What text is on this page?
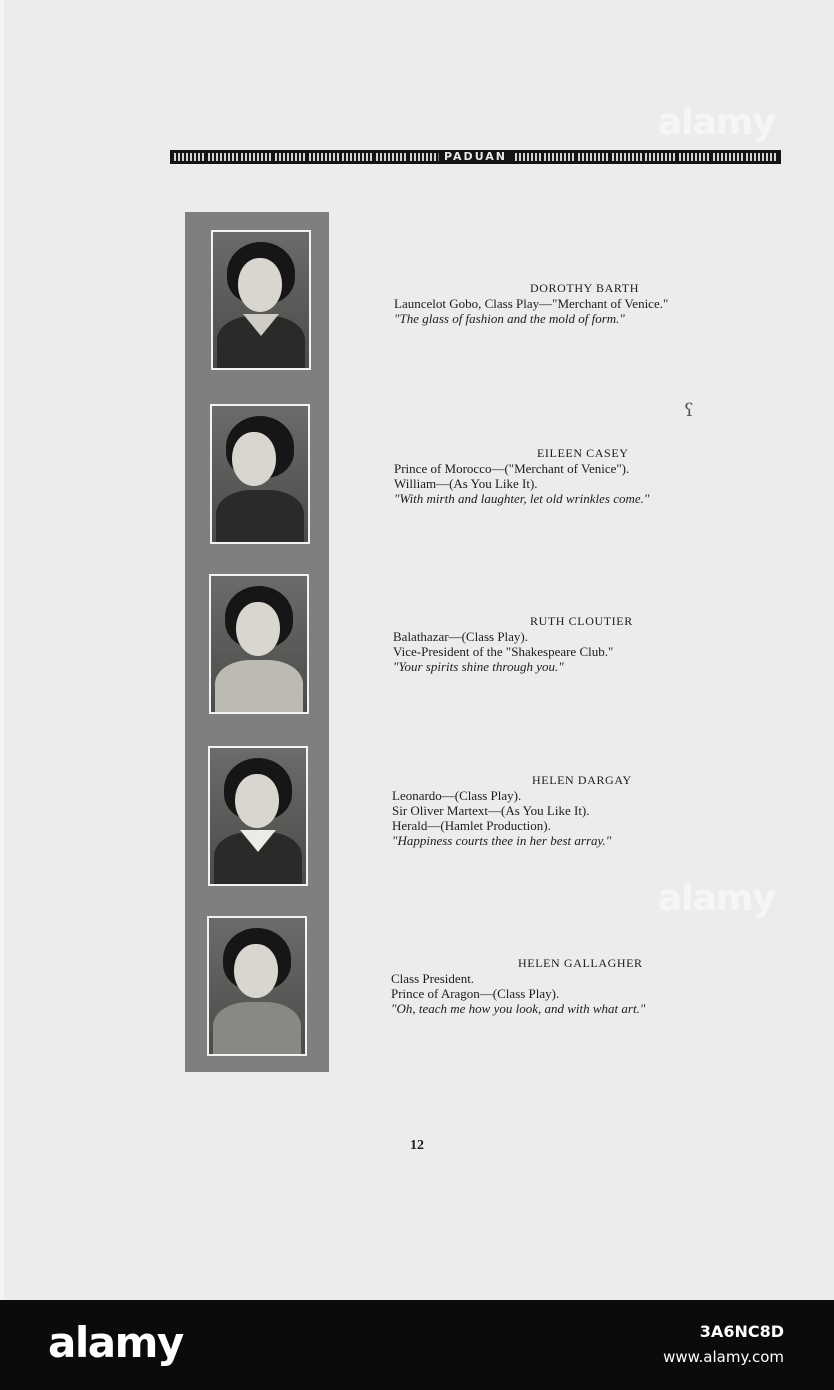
PADUAN
DOROTHY BARTH
Launcelot Gobo, Class Play—"Merchant of Venice."
"The glass of fashion and the mold of form."
EILEEN CASEY
Prince of Morocco—("Merchant of Venice").
William—(As You Like It).
"With mirth and laughter, let old wrinkles come."
RUTH CLOUTIER
Balathazar—(Class Play).
Vice-President of the "Shakespeare Club."
"Your spirits shine through you."
HELEN DARGAY
Leonardo—(Class Play).
Sir Oliver Martext—(As You Like It).
Herald—(Hamlet Production).
"Happiness courts thee in her best array."
HELEN GALLAGHER
Class President.
Prince of Aragon—(Class Play).
"Oh, teach me how you look, and with what art."
ʕ
12
alamy
alamy
alamy	3A6NC8D
www.alamy.com
